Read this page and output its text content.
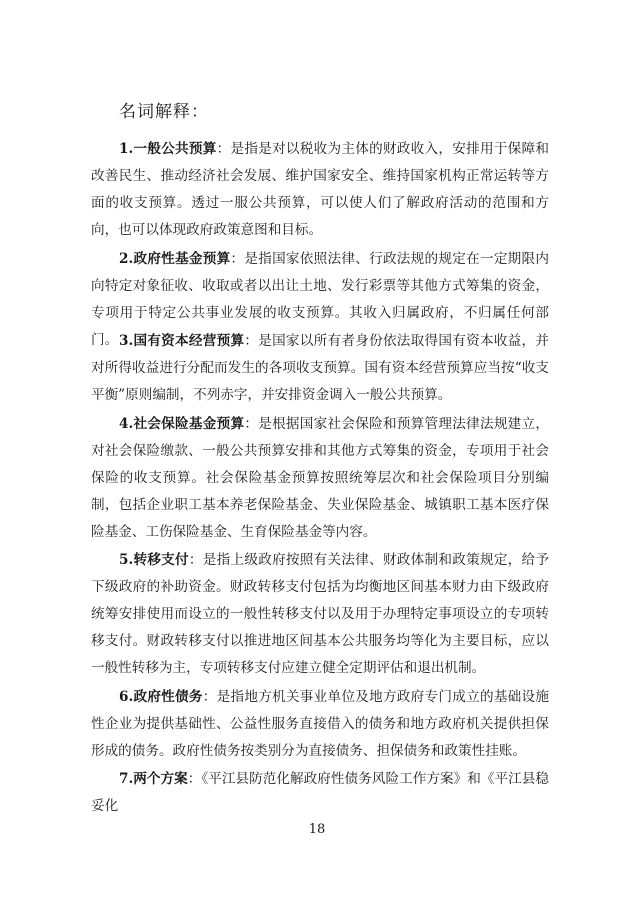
名词解释：

1.一般公共预算：是指是对以税收为主体的财政收入，安排用于保障和改善民生、推动经济社会发展、维护国家安全、维持国家机构正常运转等方面的收支预算。透过一服公共预算，可以使人们了解政府活动的范围和方向，也可以体现政府政策意图和目标。

2.政府性基金预算：是指国家依照法律、行政法规的规定在一定期限内向特定对象征收、收取或者以出让土地、发行彩票等其他方式筹集的资金，专项用于特定公共事业发展的收支预算。其收入归属政府，不归属任何部门。 3.国有资本经营预算：是国家以所有者身份依法取得国有资本收益，并对所得收益进行分配而发生的各项收支预算。国有资本经营预算应当按“收支平衡”原则编制，不列赤字，并安排资金调入一般公共预算。

4.社会保险基金预算：是根据国家社会保险和预算管理法律法规建立，对社会保险缴款、一般公共预算安排和其他方式筹集的资金，专项用于社会保险的收支预算。社会保险基金预算按照统筹层次和社会保险项目分别编制，包括企业职工基本养老保险基金、失业保险基金、城镇职工基本医疗保险基金、工伤保险基金、生育保险基金等内容。

5.转移支付：是指上级政府按照有关法律、财政体制和政策规定，给予下级政府的补助资金。财政转移支付包括为均衡地区间基本财力由下级政府统筹安排使用而设立的一般性转移支付以及用于办理特定事项设立的专项转移支付。财政转移支付以推进地区间基本公共服务均等化为主要目标，应以一般性转移为主，专项转移支付应建立健全定期评估和退出机制。

6.政府性债务：是指地方机关事业单位及地方政府专门成立的基础设施性企业为提供基础性、公益性服务直接借入的债务和地方政府机关提供担保形成的债务。政府性债务按类别分为直接债务、担保债务和政策性挂账。

7.两个方案：《平江县防范化解政府性债务风险工作方案》和《平江县稳妥化

18
